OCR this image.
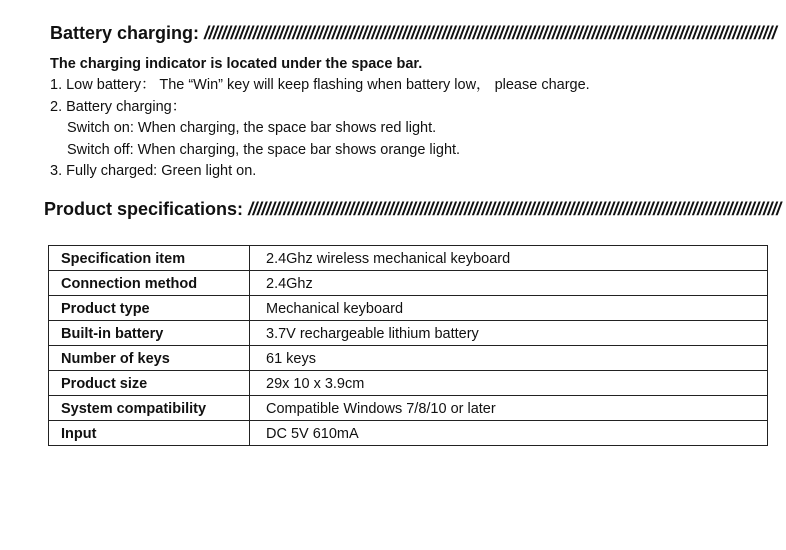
Battery charging: //////////////////////////////////////////////////////////////////////////////////////////////////////////////////////////////////
The charging indicator is located under the space bar.
1. Low battery： The “Win” key will keep flashing when battery low， please charge.
2. Battery charging：
Switch on: When charging, the space bar shows red light.
Switch off: When charging, the space bar shows orange light.
3. Fully charged: Green light on.
Product specifications: /////////////////////////////////////////////////////////////////////////////////////////////////////////////////////////
Specification item	2.4Ghz wireless mechanical keyboard
Connection method	2.4Ghz
Product type	Mechanical keyboard
Built-in battery	3.7V rechargeable lithium battery
Number of keys	61 keys
Product size	29x 10 x 3.9cm
System compatibility	Compatible Windows 7/8/10 or later
Input	DC 5V 610mA
